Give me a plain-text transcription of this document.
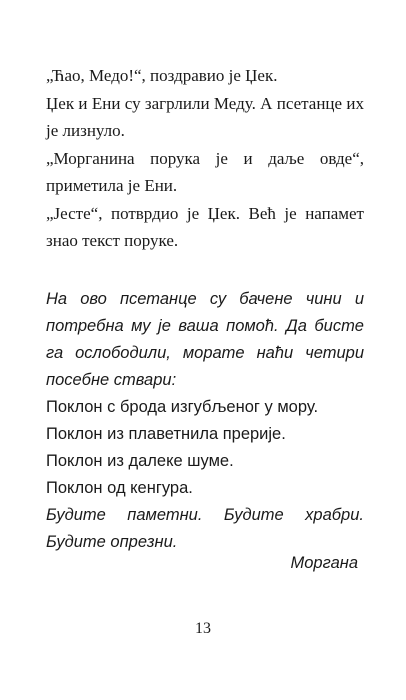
„Ћао, Медо!“, поздравио је Џек.

Џек и Ени су загрлили Меду. А псетанце их је лизнуло.

„Морганина порука је и даље овде“, приметила је Ени.

„Јесте“, потврдио је Џек. Већ је напамет знао текст поруке.

На ово псетанце су бачене чини и потребна му је ваша помоћ. Да бисте га ослободили, морате наћи четири посебне ствари:

Поклон с брода изгубљеног у мору.

Поклон из плаветнила прерије.

Поклон из далеке шуме.

Поклон од кенгура.

Будите паметни. Будите храбри. Будите опрезни.

Моргана
13
